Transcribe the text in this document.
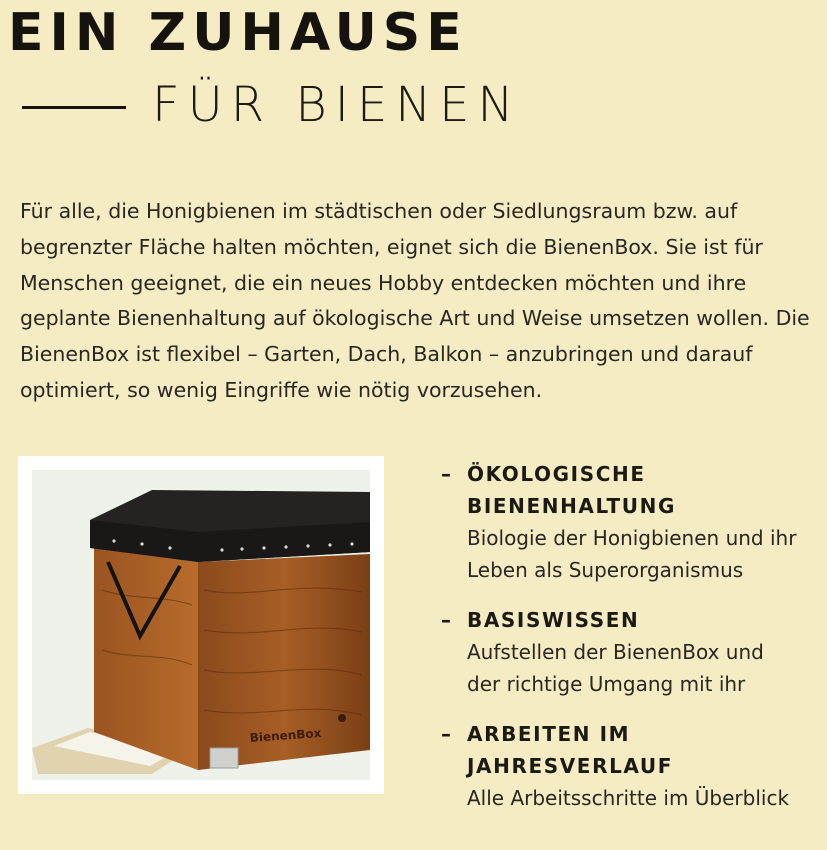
EIN ZUHAUSE
FÜR BIENEN
Für alle, die Honigbienen im städtischen oder Siedlungsraum bzw. auf begrenzter Fläche halten möchten, eignet sich die BienenBox. Sie ist für Menschen geeignet, die ein neues Hobby entdecken möchten und ihre geplante Bienenhaltung auf ökologische Art und Weise umsetzen wollen. Die BienenBox ist flexibel – Garten, Dach, Balkon – anzubringen und darauf optimiert, so wenig Eingriffe wie nötig vorzusehen.
BienenBox
– ÖKOLOGISCHE
BIENENHALTUNG
Biologie der Honigbienen und ihr
Leben als Superorganismus
– BASISWISSEN
Aufstellen der BienenBox und
der richtige Umgang mit ihr
– ARBEITEN IM
JAHRESVERLAUF
Alle Arbeitsschritte im Überblick
